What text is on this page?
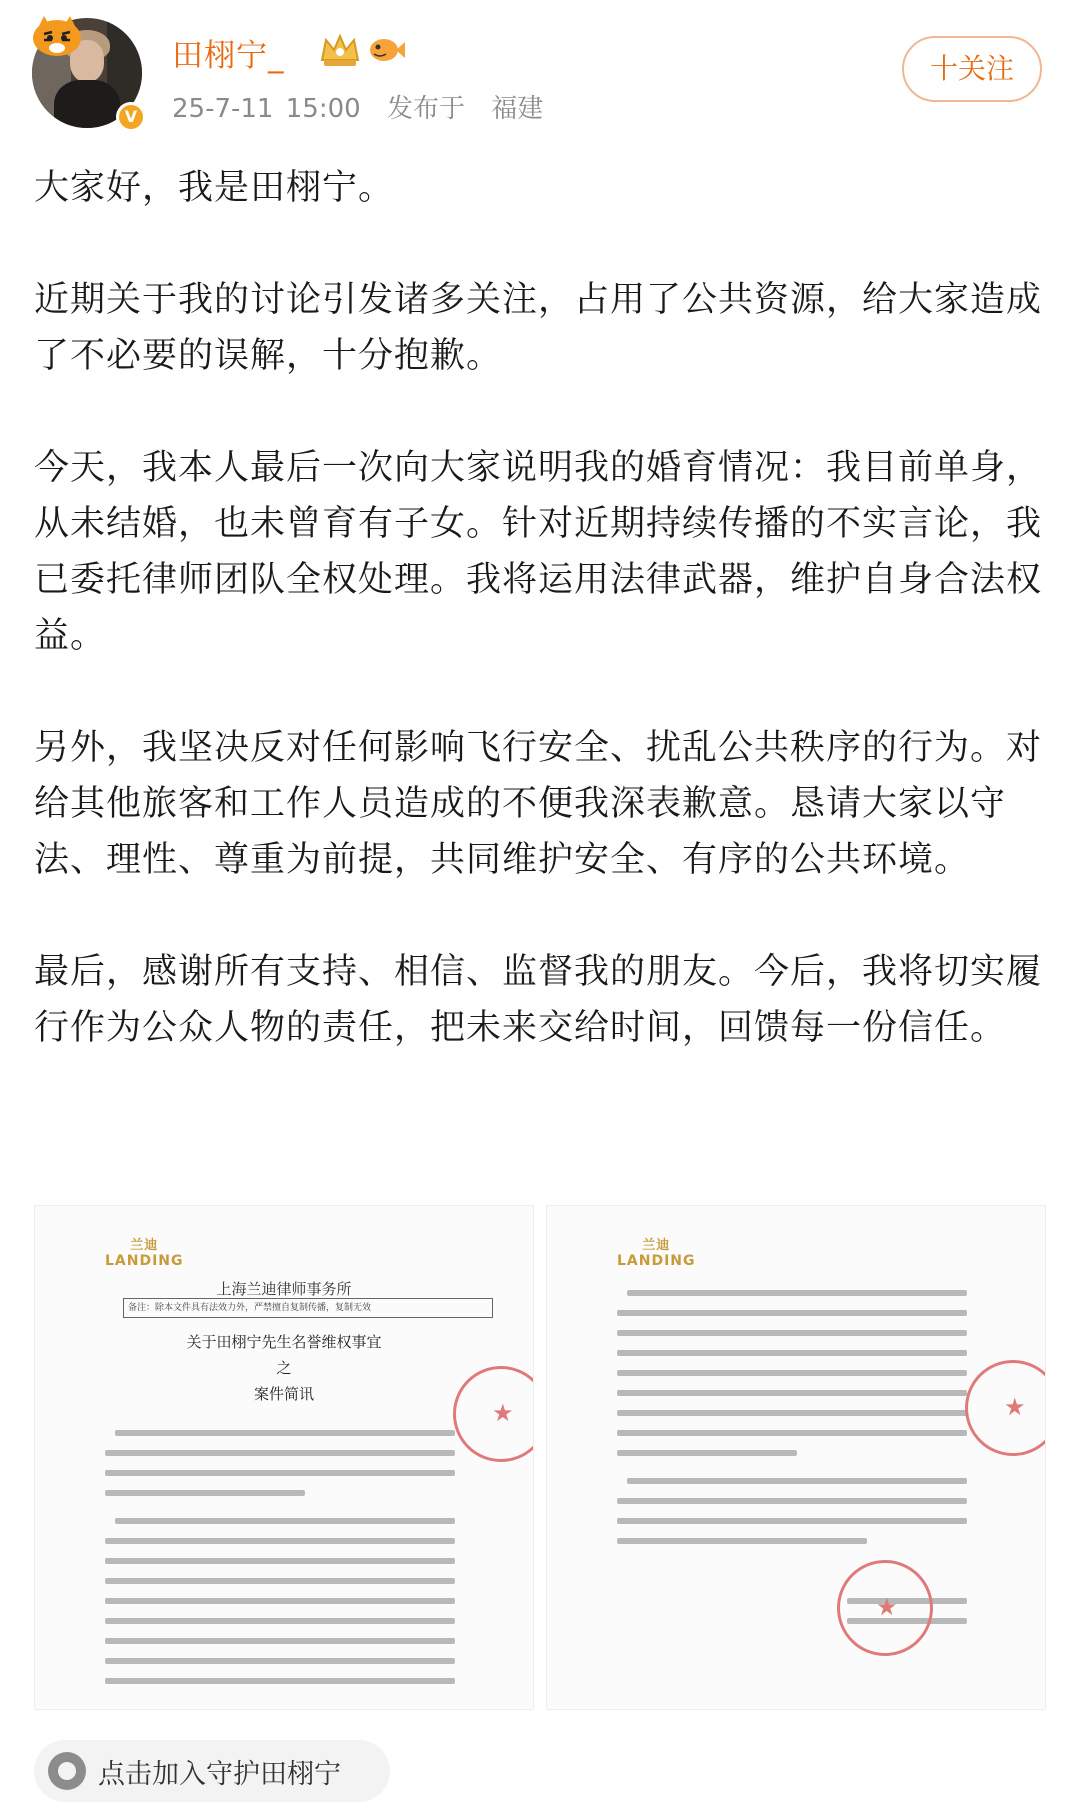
V
田栩宁_
25-7-11 15:00 发布于 福建
十关注

大家好，我是田栩宁。

近期关于我的讨论引发诸多关注，占用了公共资源，给大家造成了不必要的误解，十分抱歉。

今天，我本人最后一次向大家说明我的婚育情况：我目前单身，从未结婚，也未曾育有子女。针对近期持续传播的不实言论，我已委托律师团队全权处理。我将运用法律武器，维护自身合法权益。

另外，我坚决反对任何影响飞行安全、扰乱公共秩序的行为。对给其他旅客和工作人员造成的不便我深表歉意。恳请大家以守法、理性、尊重为前提，共同维护安全、有序的公共环境。

最后，感谢所有支持、相信、监督我的朋友。今后，我将切实履行作为公众人物的责任，把未来交给时间，回馈每一份信任。

兰迪
LANDING
上海兰迪律师事务所
备注：除本文件具有法效力外，严禁擅自复制传播，复制无效
关于田栩宁先生名誉维权事宜
之
案件简讯
★
兰迪
LANDING
★
★
点击加入守护田栩宁
